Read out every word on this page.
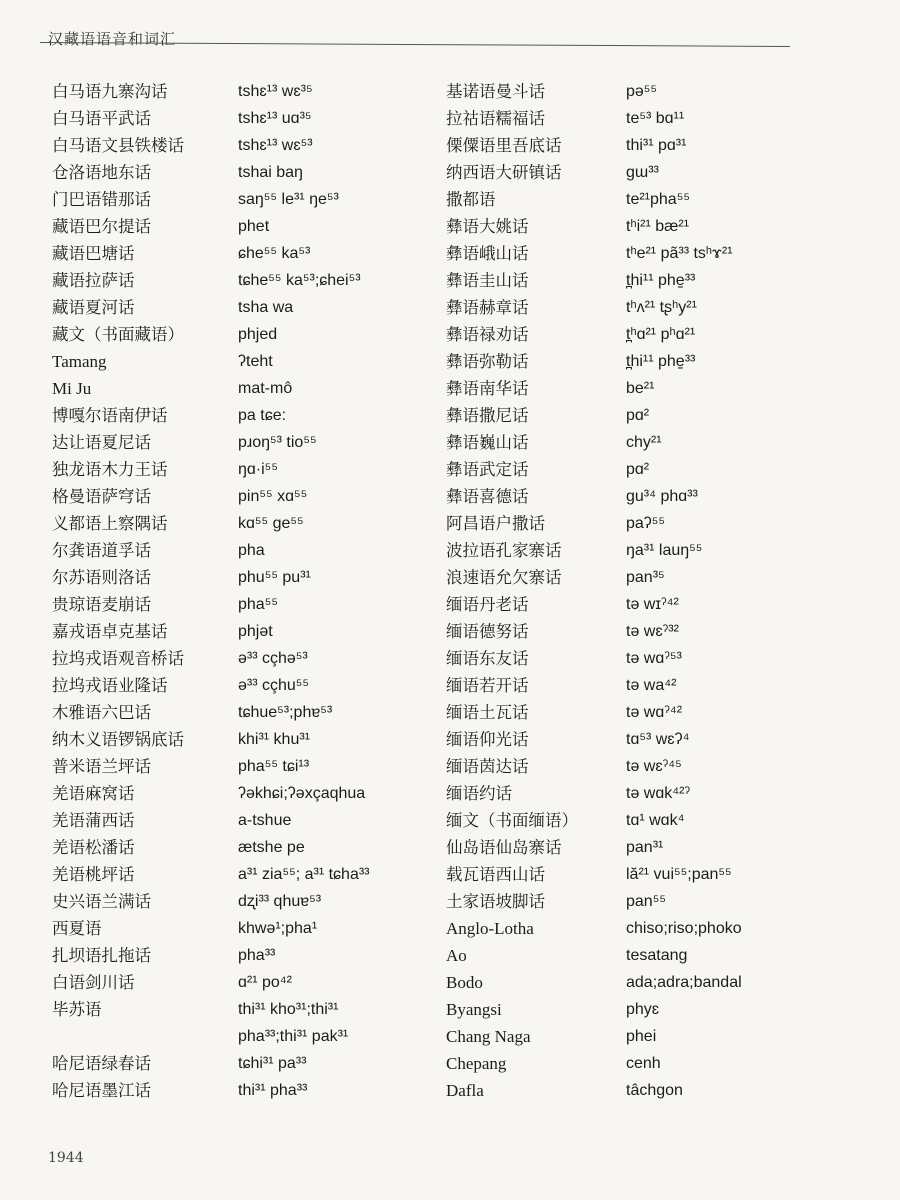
汉藏语语音和词汇
白马语九寨沟话	tshɛ¹³ wɛ³⁵
白马语平武话	tshɛ¹³ uɑ³⁵
白马语文县铁楼话	tshɛ¹³ wɛ⁵³
仓洛语地东话	tshai baŋ
门巴语错那话	saŋ⁵⁵ le³¹ ŋe⁵³
藏语巴尔提话	phet
藏语巴塘话	ɕhe⁵⁵ ka⁵³
藏语拉萨话	tɕhe⁵⁵ ka⁵³;ɕhei⁵³
藏语夏河话	tsha wa
藏文（书面藏语）	phjed
Tamang	ʔteht
Mi Ju	mat-mô
博嘎尔语南伊话	pa tɕe:
达让语夏尼话	pɹoŋ⁵³ tio⁵⁵
独龙语木力王话	ŋɑ·i⁵⁵
格曼语萨穹话	pin⁵⁵ xɑ⁵⁵
义都语上察隅话	kɑ⁵⁵ ge⁵⁵
尔龚语道孚话	pha
尔苏语则洛话	phu⁵⁵ pu³¹
贵琼语麦崩话	pha⁵⁵
嘉戎语卓克基话	phjət
拉坞戎语观音桥话	ə³³ cçhə⁵³
拉坞戎语业隆话	ə³³ cçhu⁵⁵
木雅语六巴话	tɕhue⁵³;phɐ⁵³
纳木义语锣锅底话	khi³¹ khu³¹
普米语兰坪话	pha⁵⁵ tɕi¹³
羌语麻窝话	ʔəkhɕi;ʔəxçaqhua
羌语蒲西话	a-tshue
羌语松潘话	ætshe pe
羌语桃坪话	a³¹ zia⁵⁵; a³¹ tɕha³³
史兴语兰满话	dʐi³³ qhuɐ⁵³
西夏语	khwə¹;pha¹
扎坝语扎拖话	pha³³
白语剑川话	ɑ²¹ po⁴²
毕苏语	thi³¹ kho³¹;thi³¹
pha³³;thi³¹ pak³¹
哈尼语绿春话	tɕhi³¹ pa³³
哈尼语墨江话	thi³¹ pha³³
基诺语曼斗话	pə⁵⁵
拉祜语糯福话	te⁵³ bɑ¹¹
傈僳语里吾底话	thi³¹ pɑ³¹
纳西语大研镇话	gɯ³³
撒都语	te²¹pha⁵⁵
彝语大姚话	tʰi²¹ bæ²¹
彝语峨山话	tʰe²¹ pã³³ tsʰɤ²¹
彝语圭山话	t̪hi¹¹ phe̠³³
彝语赫章话	tʰʌ²¹ tʂʰy²¹
彝语禄劝话	t̪ʰɑ²¹ pʰɑ²¹
彝语弥勒话	t̪hi¹¹ phe̠³³
彝语南华话	be²¹
彝语撒尼话	pɑ²
彝语巍山话	chy²¹
彝语武定话	pɑ²
彝语喜德话	gu³⁴ phɑ³³
阿昌语户撒话	paʔ⁵⁵
波拉语孔家寨话	ŋa³¹ lauŋ⁵⁵
浪速语允欠寨话	pan³⁵
缅语丹老话	tə wɪˀ⁴²
缅语德努话	tə wɛˀ³²
缅语东友话	tə wɑˀ⁵³
缅语若开话	tə wa⁴²
缅语土瓦话	tə wɑˀ⁴²
缅语仰光话	tɑ⁵³ wɛʔ⁴
缅语茵达话	tə wɛˀ⁴⁵
缅语约话	tə wɑk⁴²ˀ
缅文（书面缅语）	tɑ¹ wɑk⁴
仙岛语仙岛寨话	pan³¹
载瓦语西山话	lă²¹ vui⁵⁵;pan⁵⁵
土家语坡脚话	pan⁵⁵
Anglo-Lotha	chiso;riso;phoko
Ao	tesatang
Bodo	ada;adra;bandal
Byangsi	phyɛ
Chang Naga	phei
Chepang	cenh
Dafla	tâchgon
1944
